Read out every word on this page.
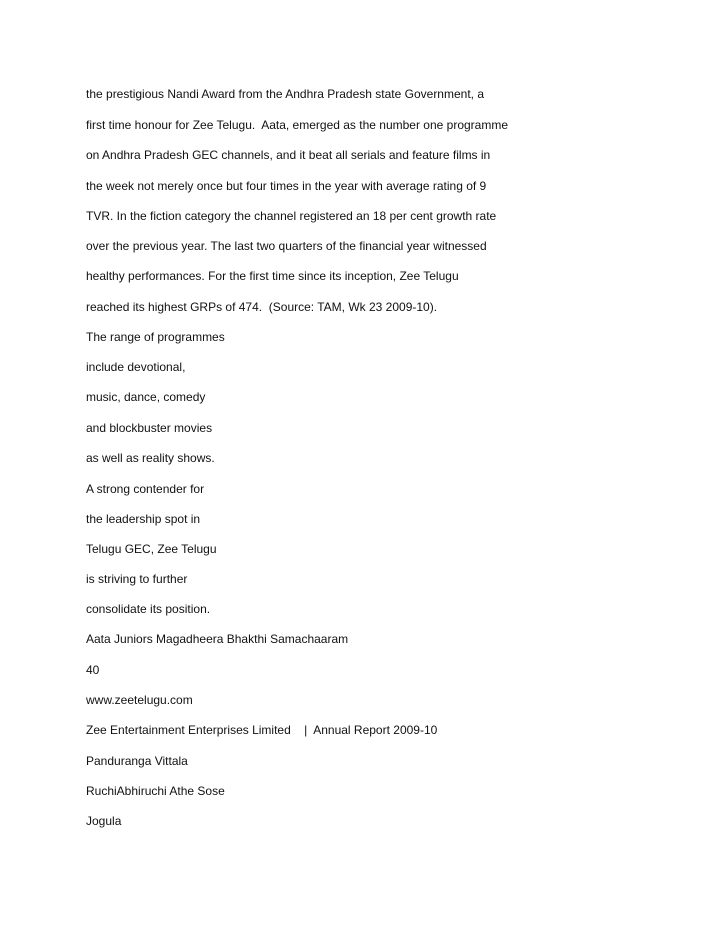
the prestigious Nandi Award from the Andhra Pradesh state Government, a

first time honour for Zee Telugu.  Aata, emerged as the number one programme

on Andhra Pradesh GEC channels, and it beat all serials and feature films in

the week not merely once but four times in the year with average rating of 9

TVR. In the fiction category the channel registered an 18 per cent growth rate

over the previous year. The last two quarters of the financial year witnessed

healthy performances. For the first time since its inception, Zee Telugu

reached its highest GRPs of 474.  (Source: TAM, Wk 23 2009-10).

The range of programmes

include devotional,

music, dance, comedy

and blockbuster movies

as well as reality shows.

A strong contender for

the leadership spot in

Telugu GEC, Zee Telugu

is striving to further

consolidate its position.

Aata Juniors Magadheera Bhakthi Samachaaram

40

www.zeetelugu.com

Zee Entertainment Enterprises Limited    |  Annual Report 2009-10

Panduranga Vittala

RuchiAbhiruchi Athe Sose

Jogula
